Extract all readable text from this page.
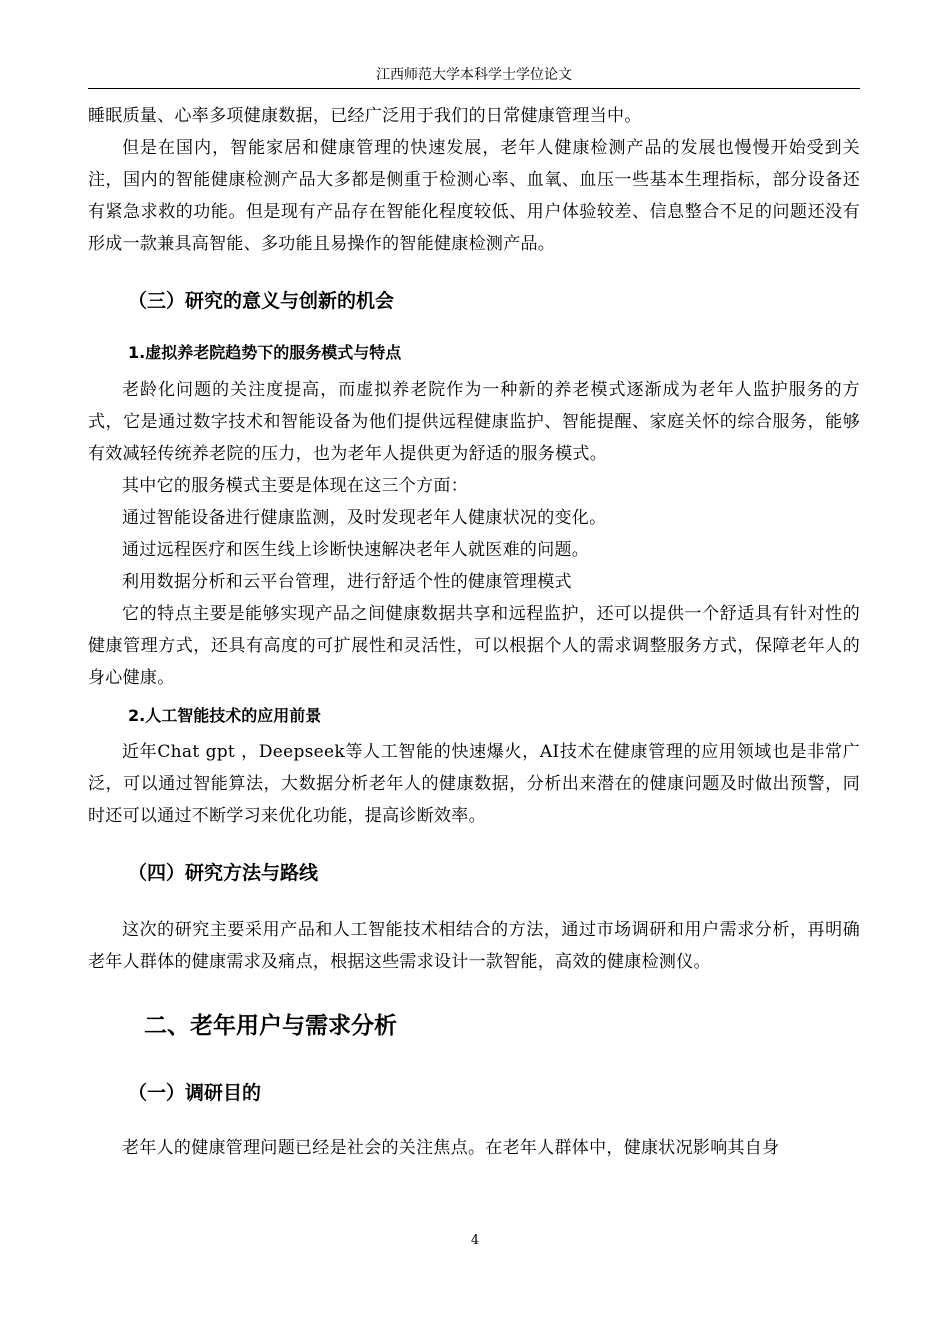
江西师范大学本科学士学位论文

睡眠质量、心率多项健康数据，已经广泛用于我们的日常健康管理当中。

但是在国内，智能家居和健康管理的快速发展，老年人健康检测产品的发展也慢慢开始受到关注，国内的智能健康检测产品大多都是侧重于检测心率、血氧、血压一些基本生理指标，部分设备还有紧急求救的功能。但是现有产品存在智能化程度较低、用户体验较差、信息整合不足的问题还没有形成一款兼具高智能、多功能且易操作的智能健康检测产品。

（三）研究的意义与创新的机会
1.虚拟养老院趋势下的服务模式与特点

老龄化问题的关注度提高，而虚拟养老院作为一种新的养老模式逐渐成为老年人监护服务的方式，它是通过数字技术和智能设备为他们提供远程健康监护、智能提醒、家庭关怀的综合服务，能够有效减轻传统养老院的压力，也为老年人提供更为舒适的服务模式。

其中它的服务模式主要是体现在这三个方面：

通过智能设备进行健康监测，及时发现老年人健康状况的变化。

通过远程医疗和医生线上诊断快速解决老年人就医难的问题。

利用数据分析和云平台管理，进行舒适个性的健康管理模式

它的特点主要是能够实现产品之间健康数据共享和远程监护，还可以提供一个舒适具有针对性的健康管理方式，还具有高度的可扩展性和灵活性，可以根据个人的需求调整服务方式，保障老年人的身心健康。

2.人工智能技术的应用前景

近年Chat gpt ，Deepseek等人工智能的快速爆火，AI技术在健康管理的应用领域也是非常广泛，可以通过智能算法，大数据分析老年人的健康数据，分析出来潜在的健康问题及时做出预警，同时还可以通过不断学习来优化功能，提高诊断效率。

（四）研究方法与路线

这次的研究主要采用产品和人工智能技术相结合的方法，通过市场调研和用户需求分析，再明确老年人群体的健康需求及痛点，根据这些需求设计一款智能，高效的健康检测仪。

二、老年用户与需求分析
（一）调研目的

老年人的健康管理问题已经是社会的关注焦点。在老年人群体中，健康状况影响其自身

4
